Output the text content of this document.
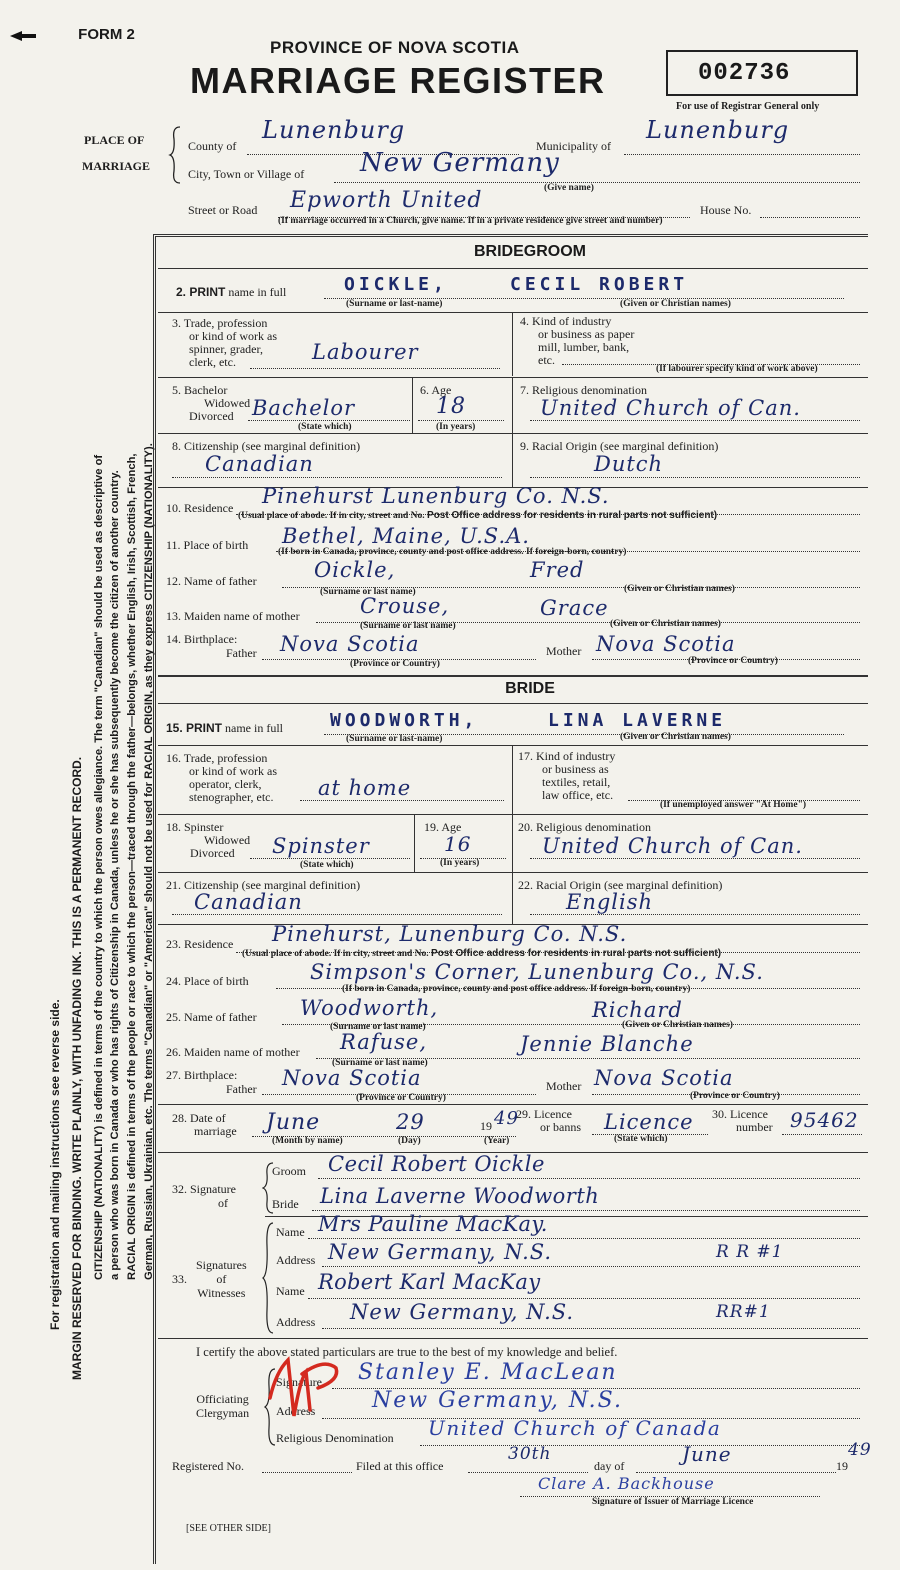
FORM 2
PROVINCE OF NOVA SCOTIA
MARRIAGE REGISTER	002736
For use of Registrar General only
For registration and mailing instructions see reverse side. MARGIN RESERVED FOR BINDING. WRITE PLAINLY, WITH UNFADING INK. THIS IS A PERMANENT RECORD. CITIZENSHIP (NATIONALITY) is defined in terms of the country to which the person owes allegiance. The term "Canadian" should be used as descriptive of a person who was born in Canada or who has rights of Citizenship in Canada, unless he or she has subsequently become the citizen of another country. RACIAL ORIGIN is defined in terms of the people or race to which the person—traced through the father—belongs, whether English, Irish, Scottish, French, German, Russian, Ukrainian, etc. The terms "Canadian" or "American" should not be used for RACIAL ORIGIN, as they express CITIZENSHIP (NATIONALITY).
PLACE OF
MARRIAGE
County of
Lunenburg
Municipality of
Lunenburg
City, Town or Village of New Germany
(Give name)
Street or Road Epworth United	House No.
(If marriage occurred in a Church, give name. If in a private residence give street and number)
BRIDEGROOM
2. PRINT name in full	OICKLE,	CECIL ROBERT
(Surname or last-name)	(Given or Christian names)
3. Trade, profession
or kind of work as
spinner, grader,
clerk, etc.	Labourer
4. Kind of industry
or business as paper
mill, lumber, bank,
etc.
(If labourer specify kind of work above)
5. Bachelor
Widowed
Divorced Bachelor
(State which)
6. Age
18
(In years)
7. Religious denomination
United Church of Can.
8. Citizenship (see marginal definition)
Canadian
9. Racial Origin (see marginal definition)
Dutch
10. Residence Pinehurst Lunenburg Co. N.S.
(Usual place of abode. If in city, street and No. Post Office address for residents in rural parts not sufficient)
11. Place of birth Bethel, Maine, U.S.A.
(If born in Canada, province, county and post office address. If foreign-born, country)
12. Name of father	Oickle,	Fred
(Surname or last name)	(Given or Christian names)
13. Maiden name of mother	Crouse,	Grace
(Surname or last name)	(Given or Christian names)
14. Birthplace:
Father Nova Scotia
(Province or Country)
Mother Nova Scotia
(Province or Country)
BRIDE
15. PRINT name in full	WOODWORTH,	LINA LAVERNE
(Surname or last-name)	(Given or Christian names)
16. Trade, profession
or kind of work as
operator, clerk,
stenographer, etc. at home
17. Kind of industry
or business as
textiles, retail,
law office, etc.
(If unemployed answer "At Home")
18. Spinster
Widowed
Divorced	Spinster
(State which)
19. Age
16
(In years)
20. Religious denomination
United Church of Can.
21. Citizenship (see marginal definition)
Canadian
22. Racial Origin (see marginal definition)
English
23. Residence Pinehurst, Lunenburg Co. N.S.
(Usual place of abode. If in city, street and No. Post Office address for residents in rural parts not sufficient)
24. Place of birth	Simpson's Corner, Lunenburg Co., N.S.
(If born in Canada, province, county and post office address. If foreign-born, country)
25. Name of father Woodworth,	Richard
(Surname or last name)	(Given or Christian names)
26. Maiden name of mother Rafuse,	Jennie Blanche
(Surname or last name)
27. Birthplace:
Father Nova Scotia
(Province or Country)
Mother Nova Scotia
(Province or Country)
28. Date of
marriage June	29	19 49
(Month by name)	(Day)	(Year)
29. Licence
or banns Licence
(State which)
30. Licence
number 95462
32. Signature
of
Groom Cecil Robert Oickle
Bride Lina Laverne Woodworth
Signatures
of
Witnesses
33.
Name Mrs Pauline MacKay.
Address New Germany, N.S.	R R #1
Name Robert Karl MacKay
Address New Germany, N.S.	RR#1
I certify the above stated particulars are true to the best of my knowledge and belief.
Officiating
Clergyman
Signature Stanley E. MacLean
Address	New Germany, N.S.
Religious Denomination United Church of Canada
Registered No.	Filed at this office
30th
day of	June	19
49
Clare A. Backhouse
Signature of Issuer of Marriage Licence
[SEE OTHER SIDE]
